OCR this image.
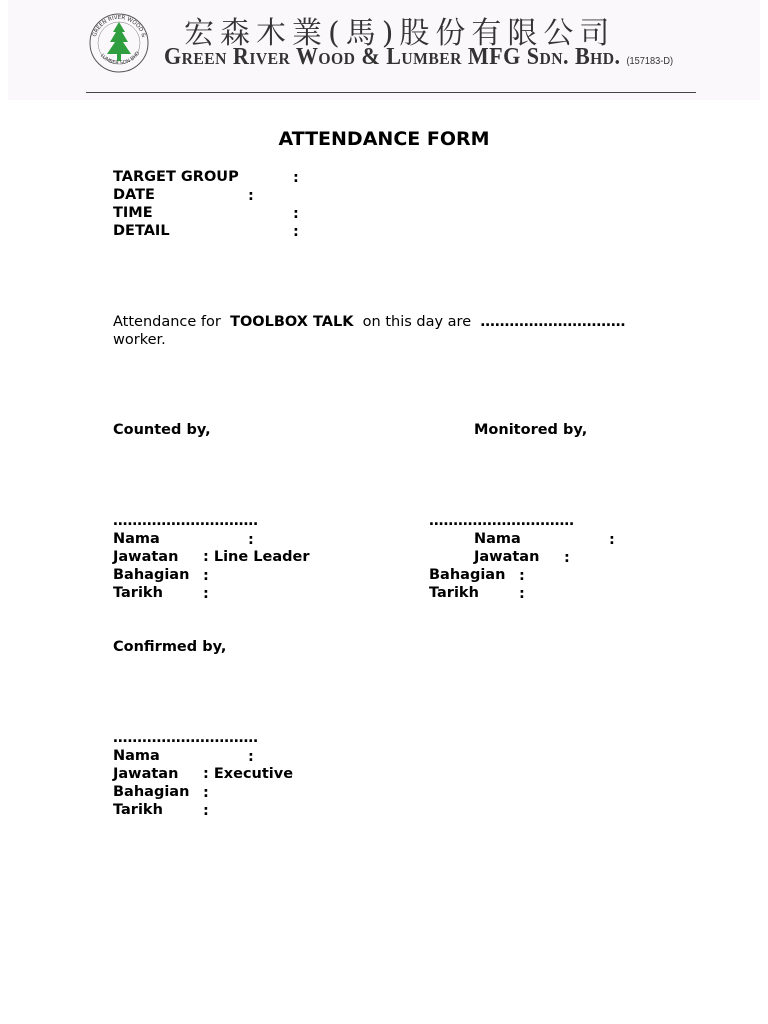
GREEN RIVER WOOD &
LUMBER SDN BHD
宏森木業(馬)股份有限公司
Green River Wood & Lumber MFG Sdn. Bhd. (157183-D)
ATTENDANCE FORM
TARGET GROUP	:
DATE	:
TIME	:
DETAIL	:
Attendance for TOOLBOX TALK on this day are …………………………
worker.
Counted by,
…………………………
Nama	:
Jawatan : Line Leader
Bahagian :
Tarikh	:
Monitored by,
…………………………
Nama	:
Jawatan :
Bahagian :
Tarikh	:
Confirmed by,
…………………………
Nama	:
Jawatan : Executive
Bahagian :
Tarikh	:
